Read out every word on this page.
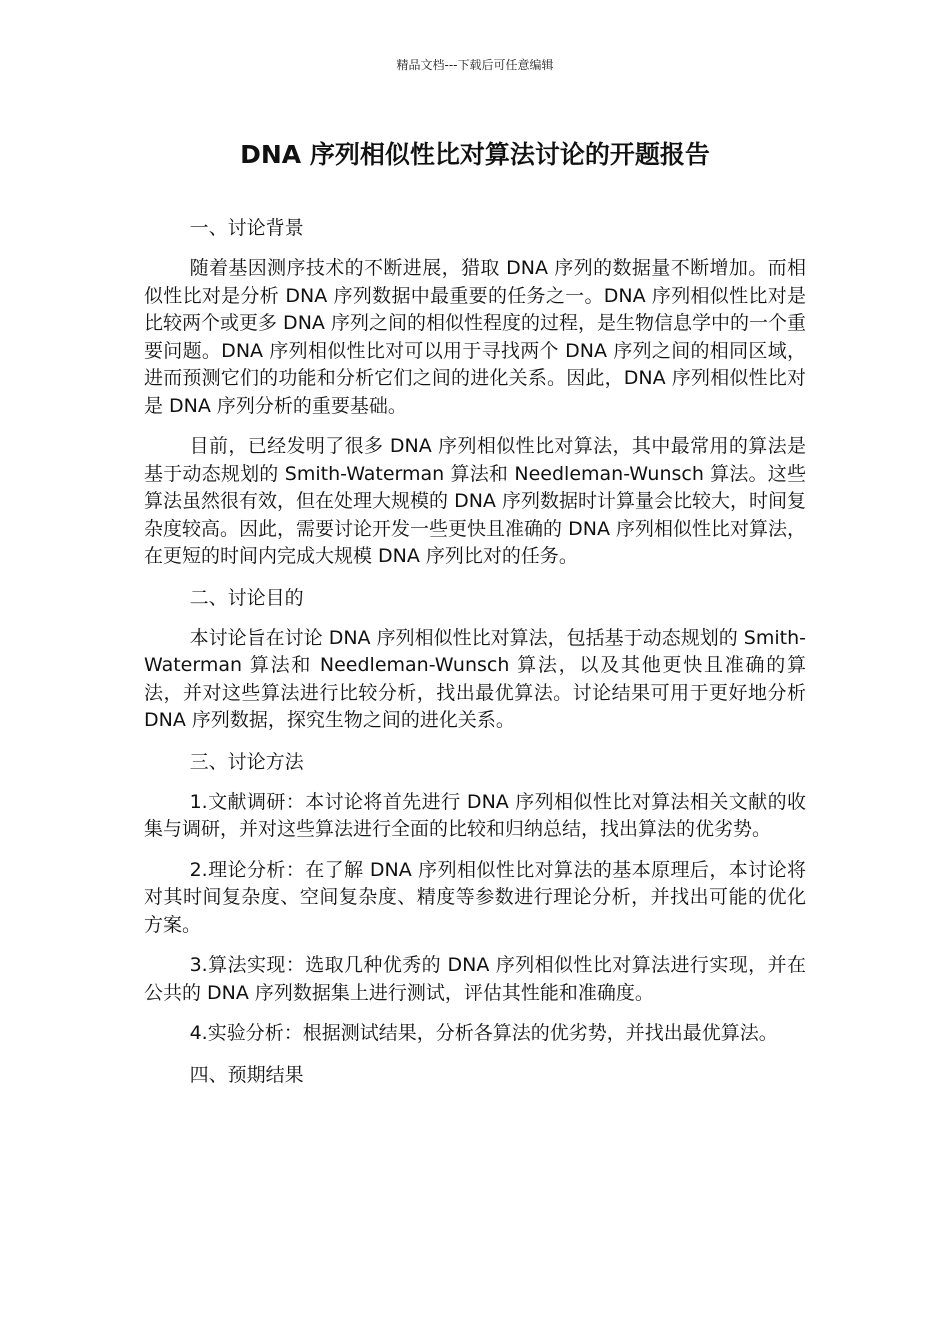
精品文档---下载后可任意编辑
DNA 序列相似性比对算法讨论的开题报告

一、讨论背景

随着基因测序技术的不断进展，猎取 DNA 序列的数据量不断增加。而相似性比对是分析 DNA 序列数据中最重要的任务之一。DNA 序列相似性比对是比较两个或更多 DNA 序列之间的相似性程度的过程，是生物信息学中的一个重要问题。DNA 序列相似性比对可以用于寻找两个 DNA 序列之间的相同区域，进而预测它们的功能和分析它们之间的进化关系。因此，DNA 序列相似性比对是 DNA 序列分析的重要基础。

目前，已经发明了很多 DNA 序列相似性比对算法，其中最常用的算法是基于动态规划的 Smith-Waterman 算法和 Needleman-Wunsch 算法。这些算法虽然很有效，但在处理大规模的 DNA 序列数据时计算量会比较大，时间复杂度较高。因此，需要讨论开发一些更快且准确的 DNA 序列相似性比对算法，在更短的时间内完成大规模 DNA 序列比对的任务。

二、讨论目的

本讨论旨在讨论 DNA 序列相似性比对算法，包括基于动态规划的 Smith-Waterman 算法和 Needleman-Wunsch 算法，以及其他更快且准确的算法，并对这些算法进行比较分析，找出最优算法。讨论结果可用于更好地分析 DNA 序列数据，探究生物之间的进化关系。

三、讨论方法

1.文献调研：本讨论将首先进行 DNA 序列相似性比对算法相关文献的收集与调研，并对这些算法进行全面的比较和归纳总结，找出算法的优劣势。

2.理论分析：在了解 DNA 序列相似性比对算法的基本原理后，本讨论将对其时间复杂度、空间复杂度、精度等参数进行理论分析，并找出可能的优化方案。

3.算法实现：选取几种优秀的 DNA 序列相似性比对算法进行实现，并在公共的 DNA 序列数据集上进行测试，评估其性能和准确度。

4.实验分析：根据测试结果，分析各算法的优劣势，并找出最优算法。

四、预期结果
